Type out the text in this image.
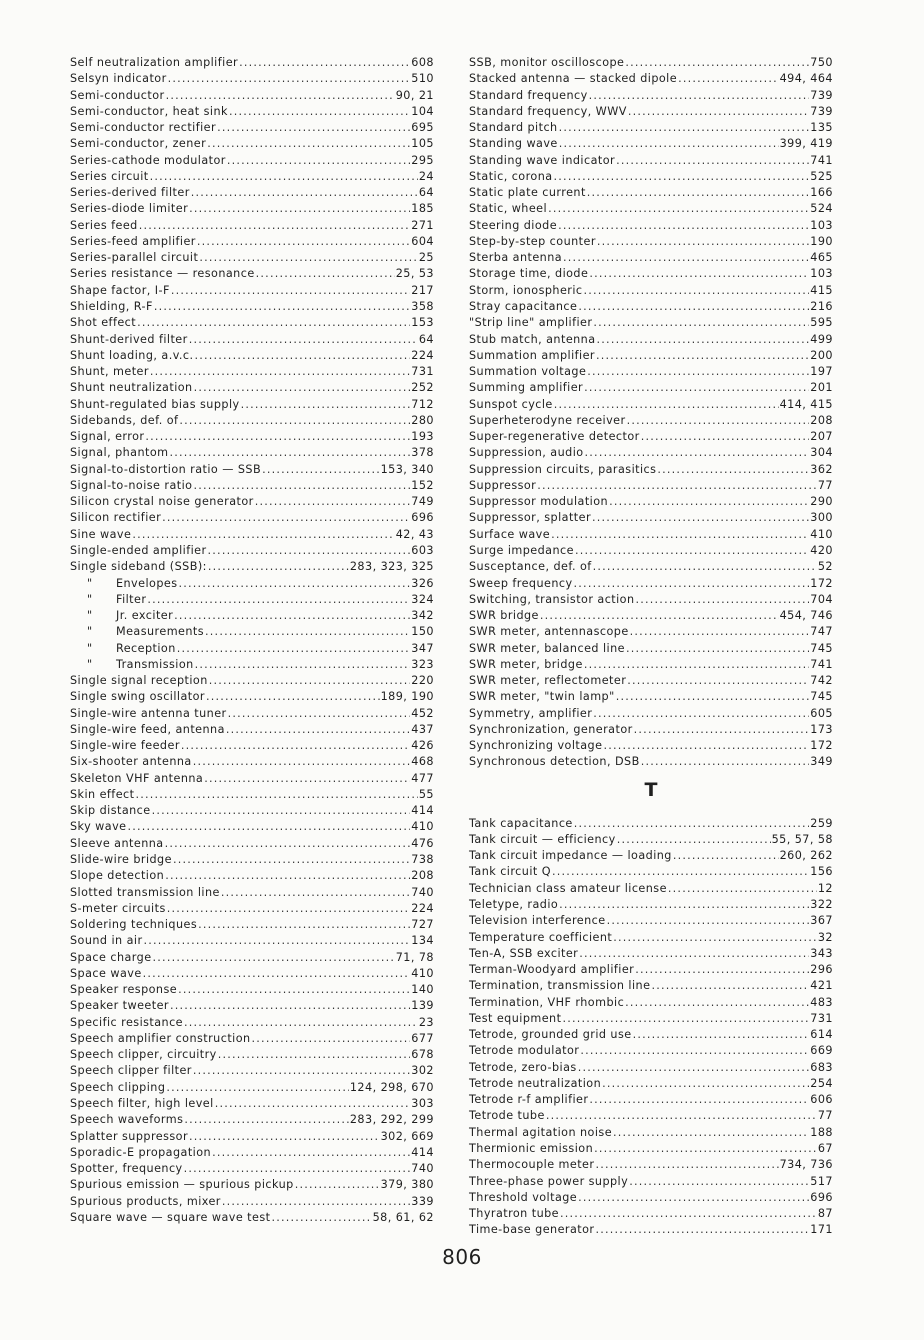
Self neutralization amplifier .....	608
Selsyn indicator .....	510
Semi-conductor .....	90, 21
Semi-conductor, heat sink .....	104
Semi-conductor rectifier .....	695
Semi-conductor, zener .....	105
Series-cathode modulator .....	295
Series circuit .....	24
Series-derived filter .....	64
Series-diode limiter .....	185
Series feed .....	271
Series-feed amplifier .....	604
Series-parallel circuit .....	25
Series resistance — resonance .....	25, 53
Shape factor, I-F .....	217
Shielding, R-F .....	358
Shot effect .....	153
Shunt-derived filter .....	64
Shunt loading, a.v.c. .....	224
Shunt, meter .....	731
Shunt neutralization .....	252
Shunt-regulated bias supply .....	712
Sidebands, def. of .....	280
Signal, error .....	193
Signal, phantom .....	378
Signal-to-distortion ratio — SSB .....	153, 340
Signal-to-noise ratio .....	152
Silicon crystal noise generator .....	749
Silicon rectifier .....	696
Sine wave .....	42, 43
Single-ended amplifier .....	603
Single sideband (SSB): .....	283, 323, 325
" Envelopes .....	326
" Filter .....	324
" Jr. exciter .....	342
" Measurements .....	150
" Reception .....	347
" Transmission .....	323
Single signal reception .....	220
Single swing oscillator .....	189, 190
Single-wire antenna tuner .....	452
Single-wire feed, antenna .....	437
Single-wire feeder .....	426
Six-shooter antenna .....	468
Skeleton VHF antenna .....	477
Skin effect .....	55
Skip distance .....	414
Sky wave .....	410
Sleeve antenna .....	476
Slide-wire bridge .....	738
Slope detection .....	208
Slotted transmission line .....	740
S-meter circuits .....	224
Soldering techniques .....	727
Sound in air .....	134
Space charge .....	71, 78
Space wave .....	410
Speaker response .....	140
Speaker tweeter .....	139
Specific resistance .....	23
Speech amplifier construction .....	677
Speech clipper, circuitry .....	678
Speech clipper filter .....	302
Speech clipping .....	124, 298, 670
Speech filter, high level .....	303
Speech waveforms .....	283, 292, 299
Splatter suppressor .....	302, 669
Sporadic-E propagation .....	414
Spotter, frequency .....	740
Spurious emission — spurious pickup .....	379, 380
Spurious products, mixer .....	339
Square wave — square wave test .....	58, 61, 62
SSB, monitor oscilloscope .....	750
Stacked antenna — stacked dipole .....	494, 464
Standard frequency .....	739
Standard frequency, WWV .....	739
Standard pitch .....	135
Standing wave .....	399, 419
Standing wave indicator .....	741
Static, corona .....	525
Static plate current .....	166
Static, wheel .....	524
Steering diode .....	103
Step-by-step counter .....	190
Sterba antenna .....	465
Storage time, diode .....	103
Storm, ionospheric .....	415
Stray capacitance .....	216
"Strip line" amplifier .....	595
Stub match, antenna .....	499
Summation amplifier .....	200
Summation voltage .....	197
Summing amplifier .....	201
Sunspot cycle .....	414, 415
Superheterodyne receiver .....	208
Super-regenerative detector .....	207
Suppression, audio .....	304
Suppression circuits, parasitics .....	362
Suppressor .....	77
Suppressor modulation .....	290
Suppressor, splatter .....	300
Surface wave .....	410
Surge impedance .....	420
Susceptance, def. of .....	52
Sweep frequency .....	172
Switching, transistor action .....	704
SWR bridge .....	454, 746
SWR meter, antennascope .....	747
SWR meter, balanced line .....	745
SWR meter, bridge .....	741
SWR meter, reflectometer .....	742
SWR meter, "twin lamp" .....	745
Symmetry, amplifier .....	605
Synchronization, generator .....	173
Synchronizing voltage .....	172
Synchronous detection, DSB .....	349
T
Tank capacitance .....	259
Tank circuit — efficiency .....	55, 57, 58
Tank circuit impedance — loading .....	260, 262
Tank circuit Q .....	156
Technician class amateur license .....	12
Teletype, radio .....	322
Television interference .....	367
Temperature coefficient .....	32
Ten-A, SSB exciter .....	343
Terman-Woodyard amplifier .....	296
Termination, transmission line .....	421
Termination, VHF rhombic .....	483
Test equipment .....	731
Tetrode, grounded grid use .....	614
Tetrode modulator .....	669
Tetrode, zero-bias .....	683
Tetrode neutralization .....	254
Tetrode r-f amplifier .....	606
Tetrode tube .....	77
Thermal agitation noise .....	188
Thermionic emission .....	67
Thermocouple meter .....	734, 736
Three-phase power supply .....	517
Threshold voltage .....	696
Thyratron tube .....	87
Time-base generator .....	171
806
